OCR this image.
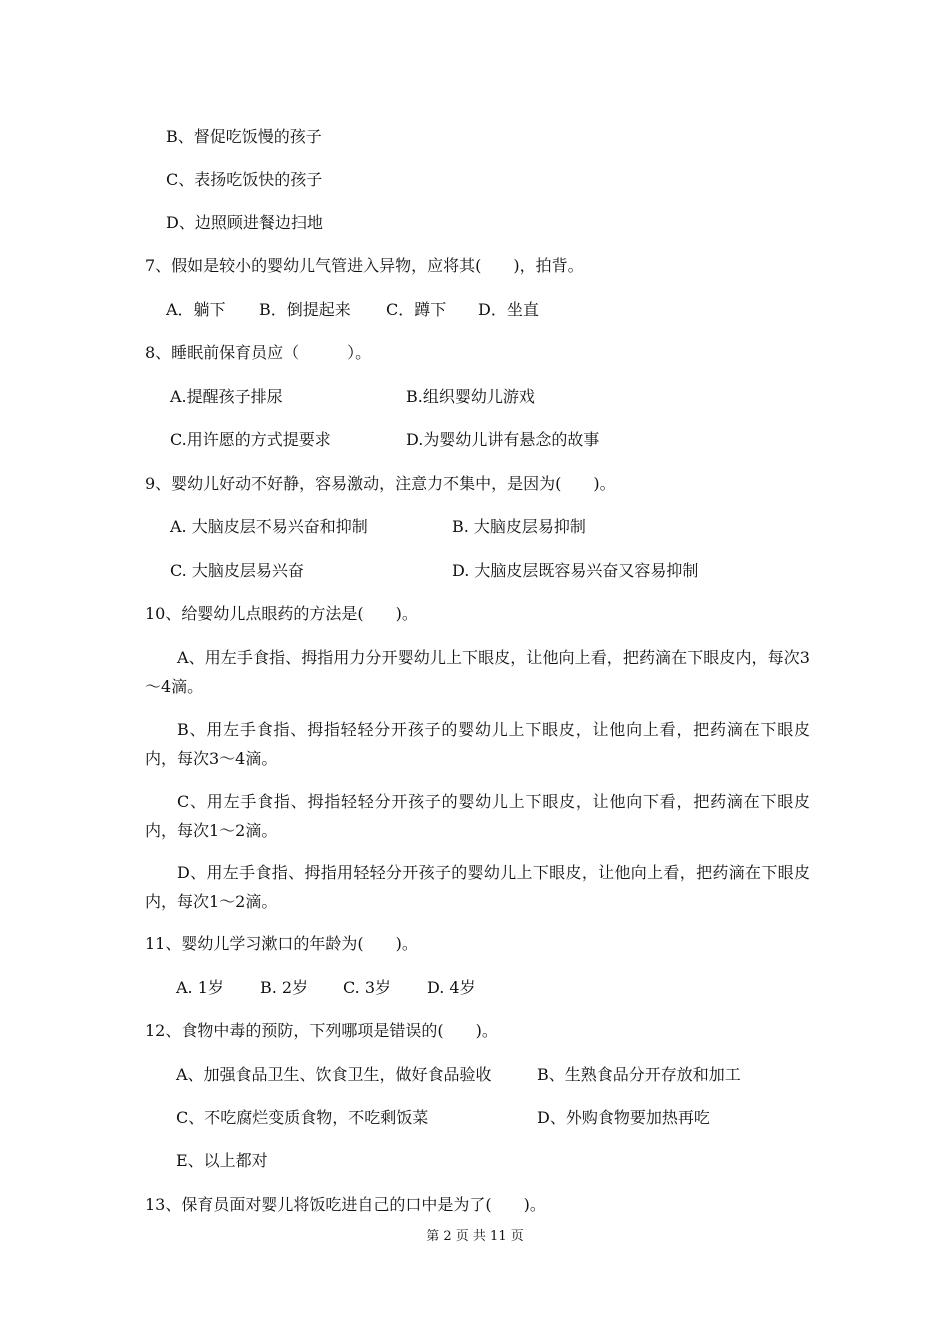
B、督促吃饭慢的孩子
C、表扬吃饭快的孩子
D、边照顾进餐边扫地
7、假如是较小的婴幼儿气管进入异物，应将其(　　)，拍背。
A．躺下 B．倒提起来 C．蹲下 D．坐直
8、睡眠前保育员应（　　　）。
A.提醒孩子排尿	B.组织婴幼儿游戏
C.用许愿的方式提要求	D.为婴幼儿讲有悬念的故事
9、婴幼儿好动不好静，容易激动，注意力不集中，是因为(　　)。
A. 大脑皮层不易兴奋和抑制	B. 大脑皮层易抑制
C. 大脑皮层易兴奋	D. 大脑皮层既容易兴奋又容易抑制
10、给婴幼儿点眼药的方法是(　　)。
A、用左手食指、拇指用力分开婴幼儿上下眼皮，让他向上看，把药滴在下眼皮内，每次3～4滴。
B、用左手食指、拇指轻轻分开孩子的婴幼儿上下眼皮，让他向上看，把药滴在下眼皮内，每次3～4滴。
C、用左手食指、拇指轻轻分开孩子的婴幼儿上下眼皮，让他向下看，把药滴在下眼皮内，每次1～2滴。
D、用左手食指、拇指用轻轻分开孩子的婴幼儿上下眼皮，让他向上看，把药滴在下眼皮内，每次1～2滴。
11、婴幼儿学习漱口的年龄为(　　)。
A. 1岁 B. 2岁 C. 3岁 D. 4岁
12、食物中毒的预防，下列哪项是错误的(　　)。
A、加强食品卫生、饮食卫生，做好食品验收	B、生熟食品分开存放和加工
C、不吃腐烂变质食物，不吃剩饭菜	D、外购食物要加热再吃
E、以上都对
13、保育员面对婴儿将饭吃进自己的口中是为了(　　)。
第 2 页 共 11 页
